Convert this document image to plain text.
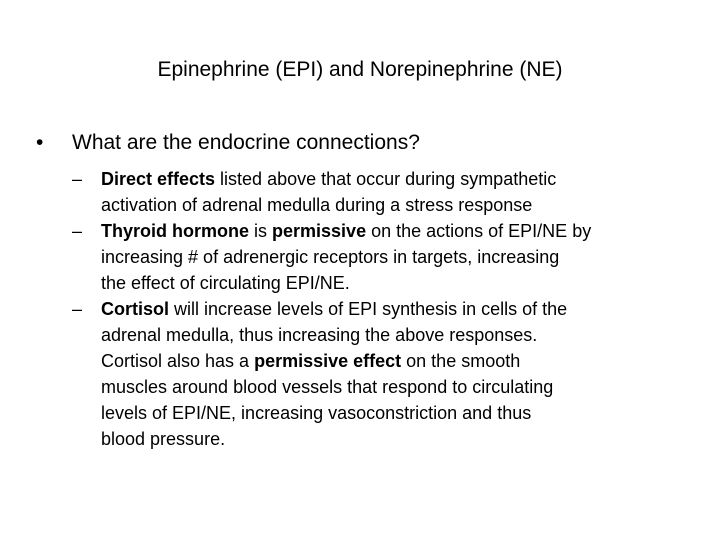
Epinephrine (EPI) and Norepinephrine (NE)
•	What are the endocrine connections?
– Direct effects listed above that occur during sympathetic
activation of adrenal medulla during a stress response
– Thyroid hormone is permissive on the actions of EPI/NE by
increasing # of adrenergic receptors in targets, increasing
the effect of circulating EPI/NE.
– Cortisol will increase levels of EPI synthesis in cells of the
adrenal medulla, thus increasing the above responses.
Cortisol also has a permissive effect on the smooth
muscles around blood vessels that respond to circulating
levels of EPI/NE, increasing vasoconstriction and thus
blood pressure.
